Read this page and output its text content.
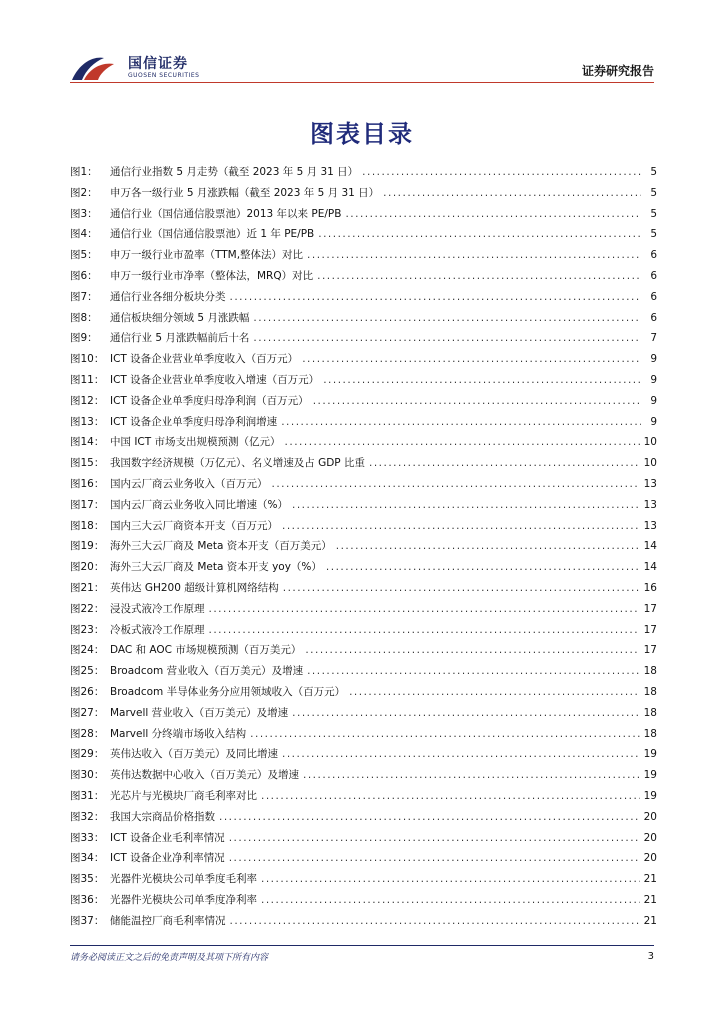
国信证券
GUOSEN SECURITIES	证券研究报告
图表目录
图1：	通信行业指数 5 月走势（截至 2023 年 5 月 31 日） .....	5
图2：	申万各一级行业 5 月涨跌幅（截至 2023 年 5 月 31 日） .....	5
图3：	通信行业（国信通信股票池）2013 年以来 PE/PB .....	5
图4：	通信行业（国信通信股票池）近 1 年 PE/PB .....	5
图5：	申万一级行业市盈率（TTM,整体法）对比 .....	6
图6：	申万一级行业市净率（整体法，MRQ）对比 .....	6
图7：	通信行业各细分板块分类 .....	6
图8：	通信板块细分领域 5 月涨跌幅 .....	6
图9：	通信行业 5 月涨跌幅前后十名 .....	7
图10： ICT 设备企业营业单季度收入（百万元） .....	9
图11： ICT 设备企业营业单季度收入增速（百万元） .....	9
图12： ICT 设备企业单季度归母净利润（百万元） .....	9
图13： ICT 设备企业单季度归母净利润增速 .....	9
图14： 中国 ICT 市场支出规模预测（亿元） .....	10
图15： 我国数字经济规模（万亿元）、名义增速及占 GDP 比重 .....	10
图16： 国内云厂商云业务收入（百万元） .....	13
图17： 国内云厂商云业务收入同比增速（%） .....	13
图18： 国内三大云厂商资本开支（百万元） .....	13
图19： 海外三大云厂商及 Meta 资本开支（百万美元） .....	14
图20： 海外三大云厂商及 Meta 资本开支 yoy（%） .....	14
图21： 英伟达 GH200 超级计算机网络结构 .....	16
图22： 浸没式液冷工作原理 .....	17
图23： 冷板式液冷工作原理 .....	17
图24： DAC 和 AOC 市场规模预测（百万美元） .....	17
图25： Broadcom 营业收入（百万美元）及增速 .....	18
图26： Broadcom 半导体业务分应用领域收入（百万元） .....	18
图27： Marvell 营业收入（百万美元）及增速 .....	18
图28： Marvell 分终端市场收入结构 .....	18
图29： 英伟达收入（百万美元）及同比增速 .....	19
图30： 英伟达数据中心收入（百万美元）及增速 .....	19
图31： 光芯片与光模块厂商毛利率对比 .....	19
图32： 我国大宗商品价格指数 .....	20
图33： ICT 设备企业毛利率情况 .....	20
图34： ICT 设备企业净利率情况 .....	20
图35： 光器件光模块公司单季度毛利率 .....	21
图36： 光器件光模块公司单季度净利率 .....	21
图37： 储能温控厂商毛利率情况 .....	21
请务必阅读正文之后的免责声明及其项下所有内容	3
